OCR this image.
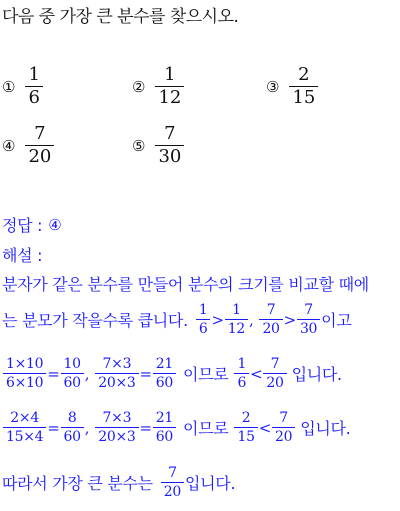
다음 중 가장 큰 분수를 찾으시오.
① $\frac{1}{6}$	② $\frac{1}{12}$	③ $\frac{2}{15}$
④ $\frac{7}{20}$	⑤ $\frac{7}{30}$
정답 : ④
해설 :
분자가 같은 분수를 만들어 분수의 크기를 비교할 때에
는 분모가 작을수록 큽니다. $\frac{1}{6} > \frac{1}{12}$ , $\frac{7}{20} > \frac{7}{30}$ 이고
$\frac{1\times 10}{6\times 10} = \frac{10}{60}$ , $\frac{7\times 3}{20\times 3} = \frac{21}{60}$ 이므로 $\frac{1}{6} < \frac{7}{20}$ 입니다.
$\frac{2\times 4}{15\times 4} = \frac{8}{60}$ , $\frac{7\times 3}{20\times 3} = \frac{21}{60}$ 이므로 $\frac{2}{15} < \frac{7}{20}$ 입니다.
따라서 가장 큰 분수는 $\frac{7}{20}$ 입니다.
